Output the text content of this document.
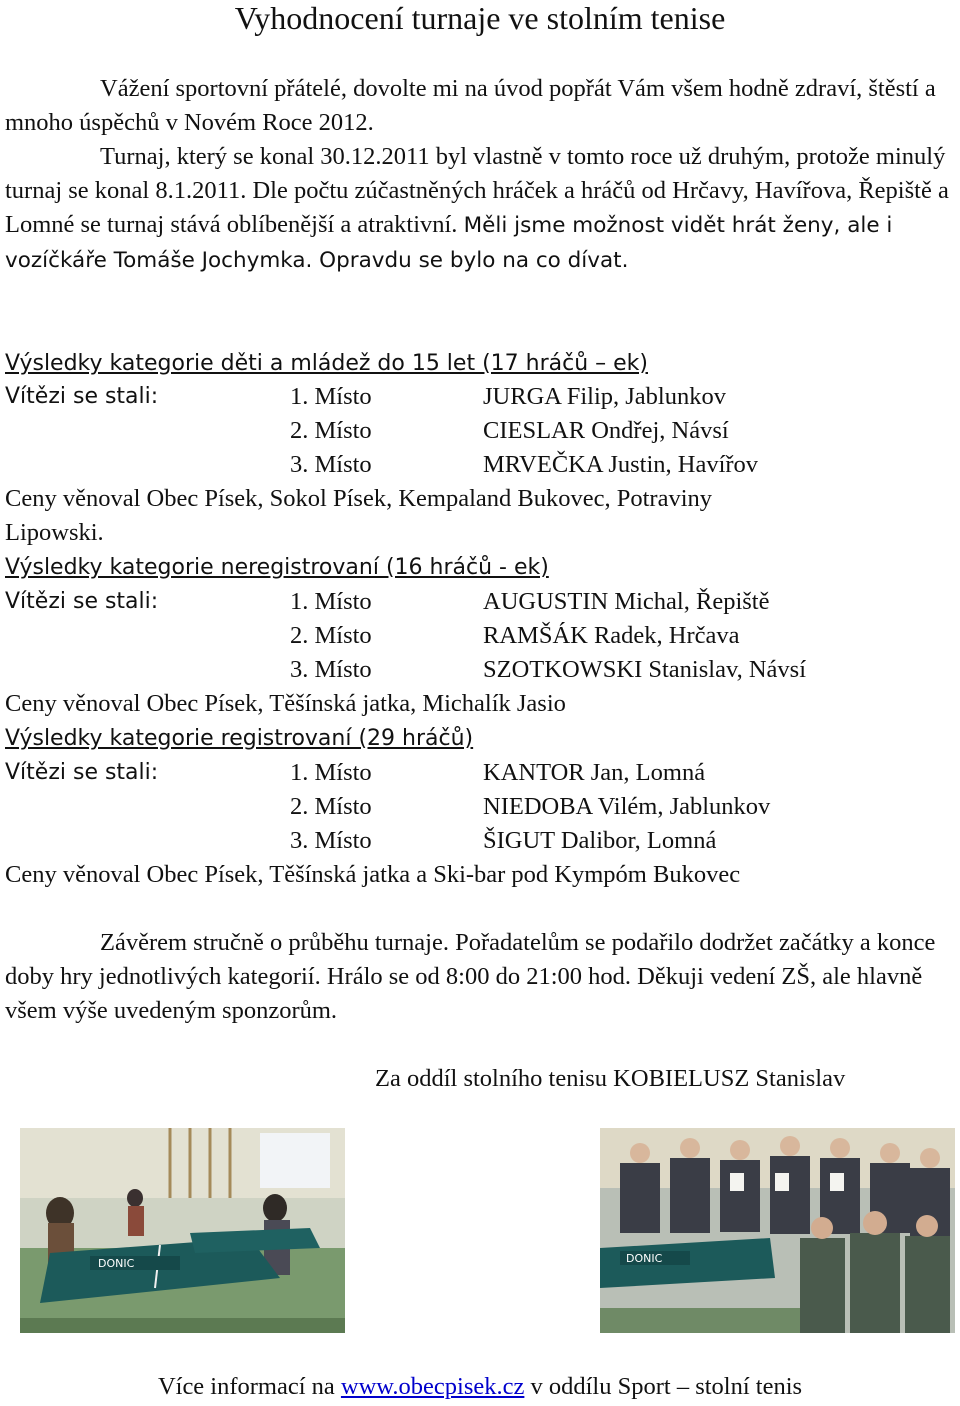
Vyhodnocení turnaje ve stolním tenise

Vážení sportovní přátelé, dovolte mi na úvod popřát Vám všem hodně zdraví, štěstí a mnoho úspěchů v Novém Roce 2012.
Turnaj, který se konal 30.12.2011 byl vlastně v tomto roce už druhým, protože minulý turnaj se konal 8.1.2011. Dle počtu zúčastněných hráček a hráčů od Hrčavy, Havířova, Řepiště a Lomné se turnaj stává oblíbenější a atraktivní. Měli jsme možnost vidět hrát ženy, ale i vozíčkáře Tomáše Jochymka. Opravdu se bylo na co dívat.

Výsledky kategorie děti a mládež do 15 let (17 hráčů – ek)
Vítězi se stali:	1. Místo	JURGA Filip, Jablunkov
2. Místo	CIESLAR Ondřej, Návsí
3. Místo	MRVEČKA Justin, Havířov
Ceny věnoval Obec Písek, Sokol Písek, Kempaland Bukovec, Potraviny
Lipowski.
Výsledky kategorie neregistrovaní (16 hráčů - ek)
Vítězi se stali:	1. Místo	AUGUSTIN Michal, Řepiště
2. Místo	RAMŠÁK Radek, Hrčava
3. Místo	SZOTKOWSKI Stanislav, Návsí
Ceny věnoval Obec Písek, Těšínská jatka, Michalík Jasio
Výsledky kategorie registrovaní (29 hráčů)
Vítězi se stali:	1. Místo	KANTOR Jan, Lomná
2. Místo	NIEDOBA Vilém, Jablunkov
3. Místo	ŠIGUT Dalibor, Lomná
Ceny věnoval Obec Písek, Těšínská jatka a Ski-bar pod Kympóm Bukovec

Závěrem stručně o průběhu turnaje. Pořadatelům se podařilo dodržet začátky a konce doby hry jednotlivých kategorií. Hrálo se od 8:00 do 21:00 hod. Děkuji vedení ZŠ, ale hlavně všem výše uvedeným sponzorům.

Za oddíl stolního tenisu KOBIELUSZ Stanislav
DONIC	DONIC
Více informací na www.obecpisek.cz v oddílu Sport – stolní tenis
